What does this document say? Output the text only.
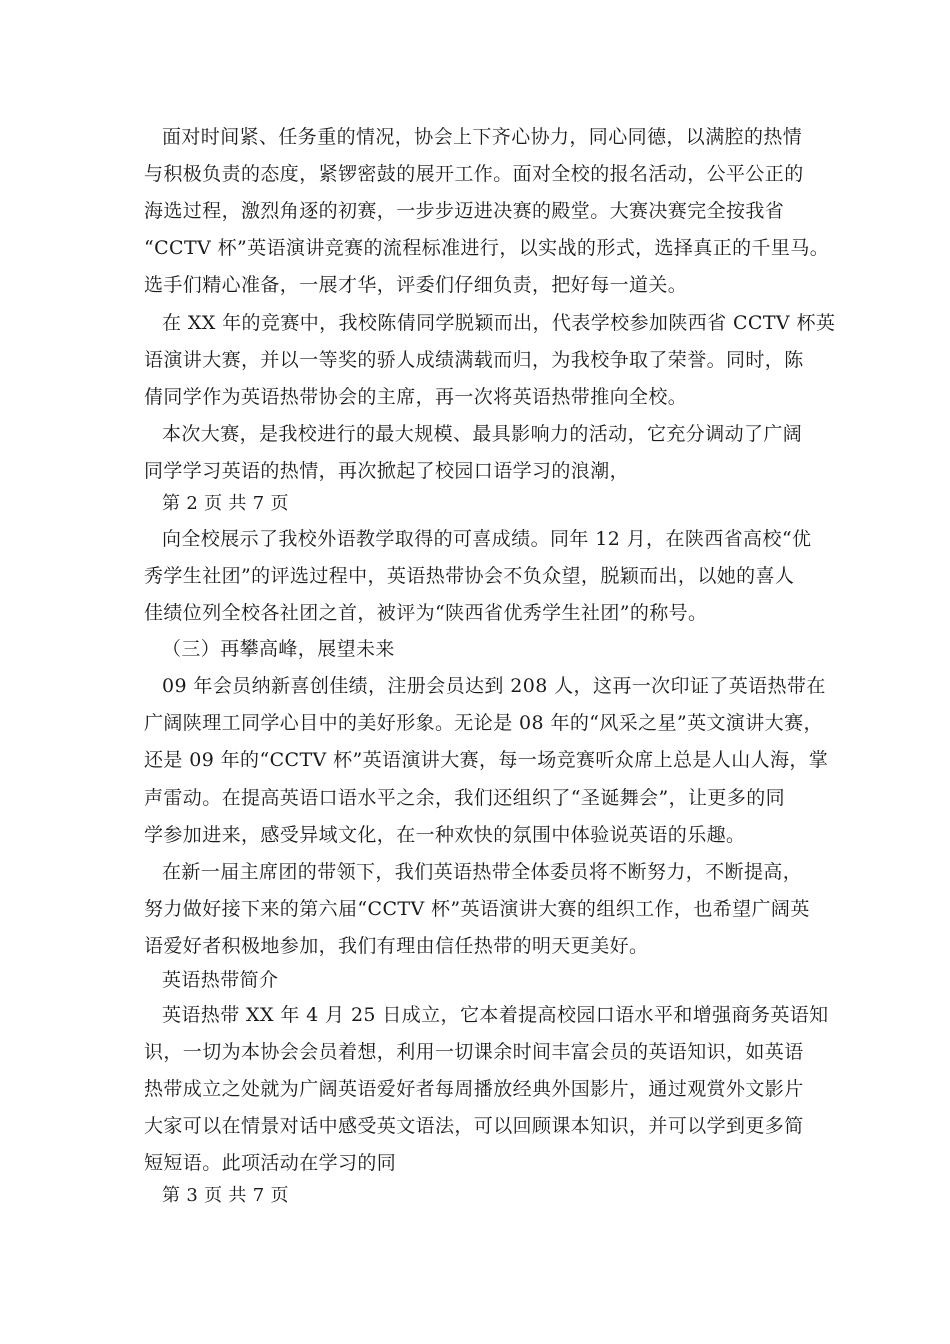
面对时间紧、任务重的情况，协会上下齐心协力，同心同德，以满腔的热情
与积极负责的态度，紧锣密鼓的展开工作。面对全校的报名活动，公平公正的
海选过程，激烈角逐的初赛，一步步迈进决赛的殿堂。大赛决赛完全按我省
“CCTV 杯”英语演讲竞赛的流程标准进行，以实战的形式，选择真正的千里马。
选手们精心准备，一展才华，评委们仔细负责，把好每一道关。
在 XX 年的竞赛中，我校陈倩同学脱颖而出，代表学校参加陕西省 CCTV 杯英
语演讲大赛，并以一等奖的骄人成绩满载而归，为我校争取了荣誉。同时，陈
倩同学作为英语热带协会的主席，再一次将英语热带推向全校。
本次大赛，是我校进行的最大规模、最具影响力的活动，它充分调动了广阔
同学学习英语的热情，再次掀起了校园口语学习的浪潮，
第 2 页 共 7 页
向全校展示了我校外语教学取得的可喜成绩。同年 12 月，在陕西省高校“优
秀学生社团”的评选过程中，英语热带协会不负众望，脱颖而出，以她的喜人
佳绩位列全校各社团之首，被评为“陕西省优秀学生社团”的称号。
（三）再攀高峰，展望未来
09 年会员纳新喜创佳绩，注册会员达到 208 人，这再一次印证了英语热带在
广阔陕理工同学心目中的美好形象。无论是 08 年的“风采之星”英文演讲大赛，
还是 09 年的“CCTV 杯”英语演讲大赛，每一场竞赛听众席上总是人山人海，掌
声雷动。在提高英语口语水平之余，我们还组织了“圣诞舞会”，让更多的同
学参加进来，感受异域文化，在一种欢快的氛围中体验说英语的乐趣。
在新一届主席团的带领下，我们英语热带全体委员将不断努力，不断提高，
努力做好接下来的第六届“CCTV 杯”英语演讲大赛的组织工作，也希望广阔英
语爱好者积极地参加，我们有理由信任热带的明天更美好。
英语热带简介
英语热带 XX 年 4 月 25 日成立，它本着提高校园口语水平和增强商务英语知
识，一切为本协会会员着想，利用一切课余时间丰富会员的英语知识，如英语
热带成立之处就为广阔英语爱好者每周播放经典外国影片，通过观赏外文影片
大家可以在情景对话中感受英文语法，可以回顾课本知识，并可以学到更多简
短短语。此项活动在学习的同
第 3 页 共 7 页
